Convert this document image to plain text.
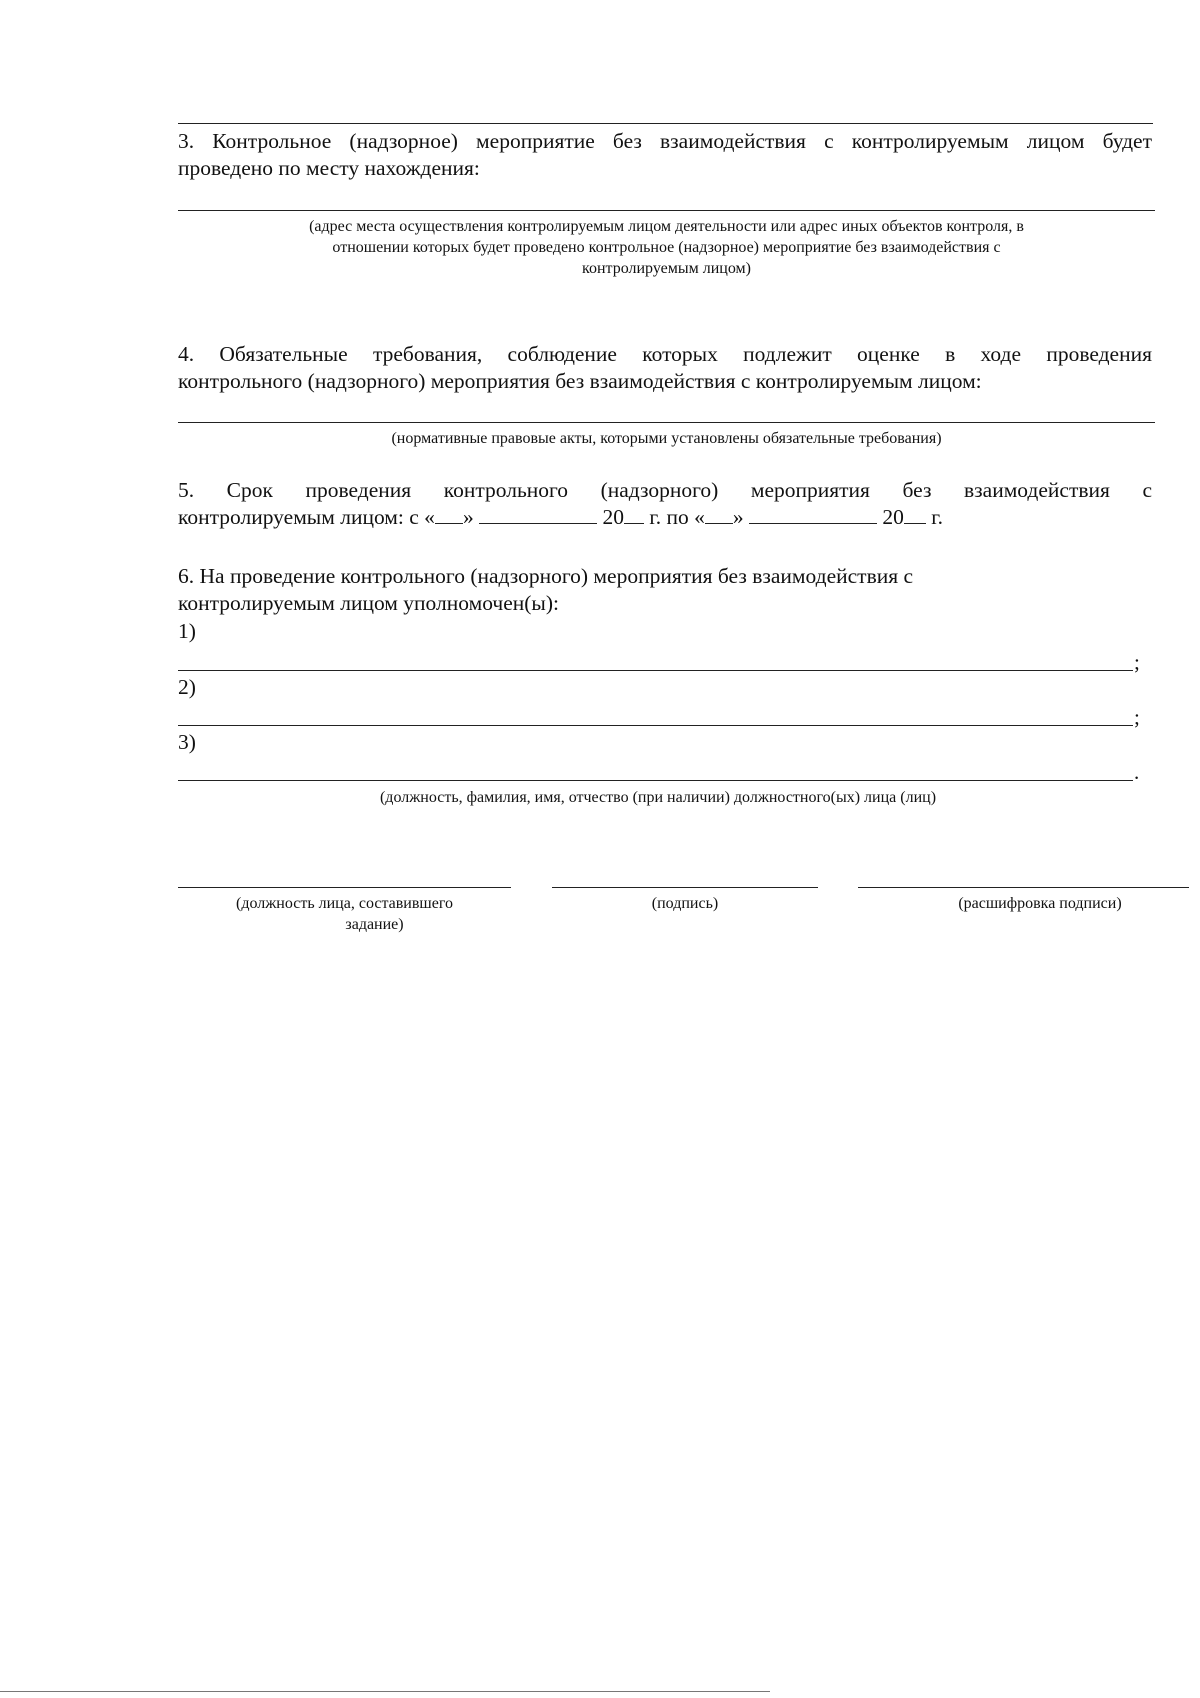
3. Контрольное (надзорное) мероприятие без взаимодействия с контролируемым лицом будет
проведено по месту нахождения:
(адрес места осуществления контролируемым лицом деятельности или адрес иных объектов контроля, в
отношении которых будет проведено контрольное (надзорное) мероприятие без взаимодействия с
контролируемым лицом)
4. Обязательные требования, соблюдение которых подлежит оценке в ходе проведения
контрольного (надзорного) мероприятия без взаимодействия с контролируемым лицом:
(нормативные правовые акты, которыми установлены обязательные требования)
5. Срок проведения контрольного (надзорного) мероприятия без взаимодействия с
контролируемым лицом: с « »	20 г. по « »	20 г.
6. На проведение контрольного (надзорного) мероприятия без взаимодействия с
контролируемым лицом уполномочен(ы):
1)
;
2)
;
3)
.
(должность, фамилия, имя, отчество (при наличии) должностного(ых) лица (лиц)
(должность лица, составившего
задание)
(подпись)	(расшифровка подписи)
